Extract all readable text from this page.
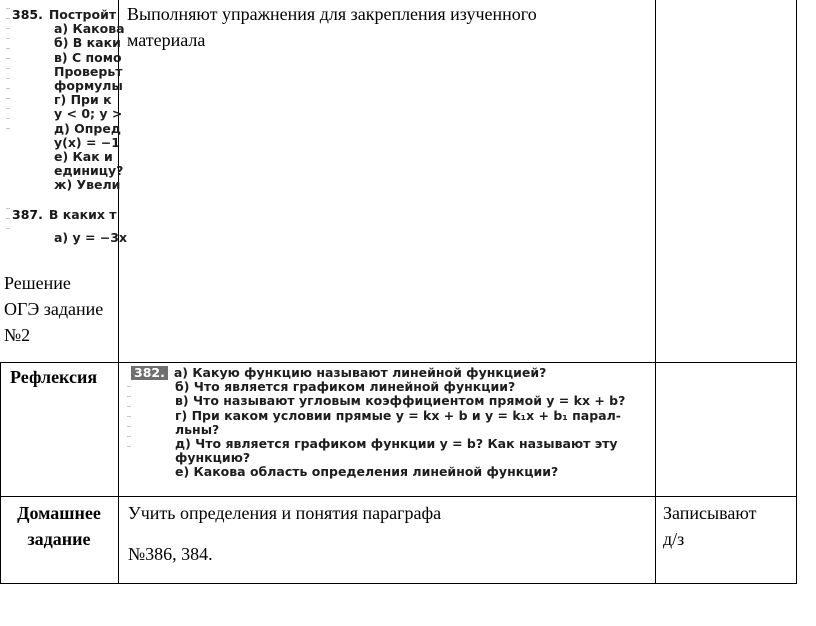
385. Постройт
а) Какова
б) В каки
в) С помо
Проверьт
формулы
г) При к
y < 0; y >
д) Опред
y(x) = −1
е) Как и
единицу?
ж) Увели
387. В каких т
а) y = −3x
Решение
ОГЭ задание
№2
Выполняют упражнения для закрепления изученного
материала
Рефлексия	382. а) Какую функцию называют линейной функцией?
б) Что является графиком линейной функции?
в) Что называют угловым коэффициентом прямой y = kx + b?
г) При каком условии прямые y = kx + b и y = k₁x + b₁ парал-
льны?
д) Что является графиком функции y = b? Как называют эту
функцию?
е) Какова область определения линейной функции?
Домашнее
задание
Учить определения и понятия параграфа
№386, 384.
Записывают
д/з
